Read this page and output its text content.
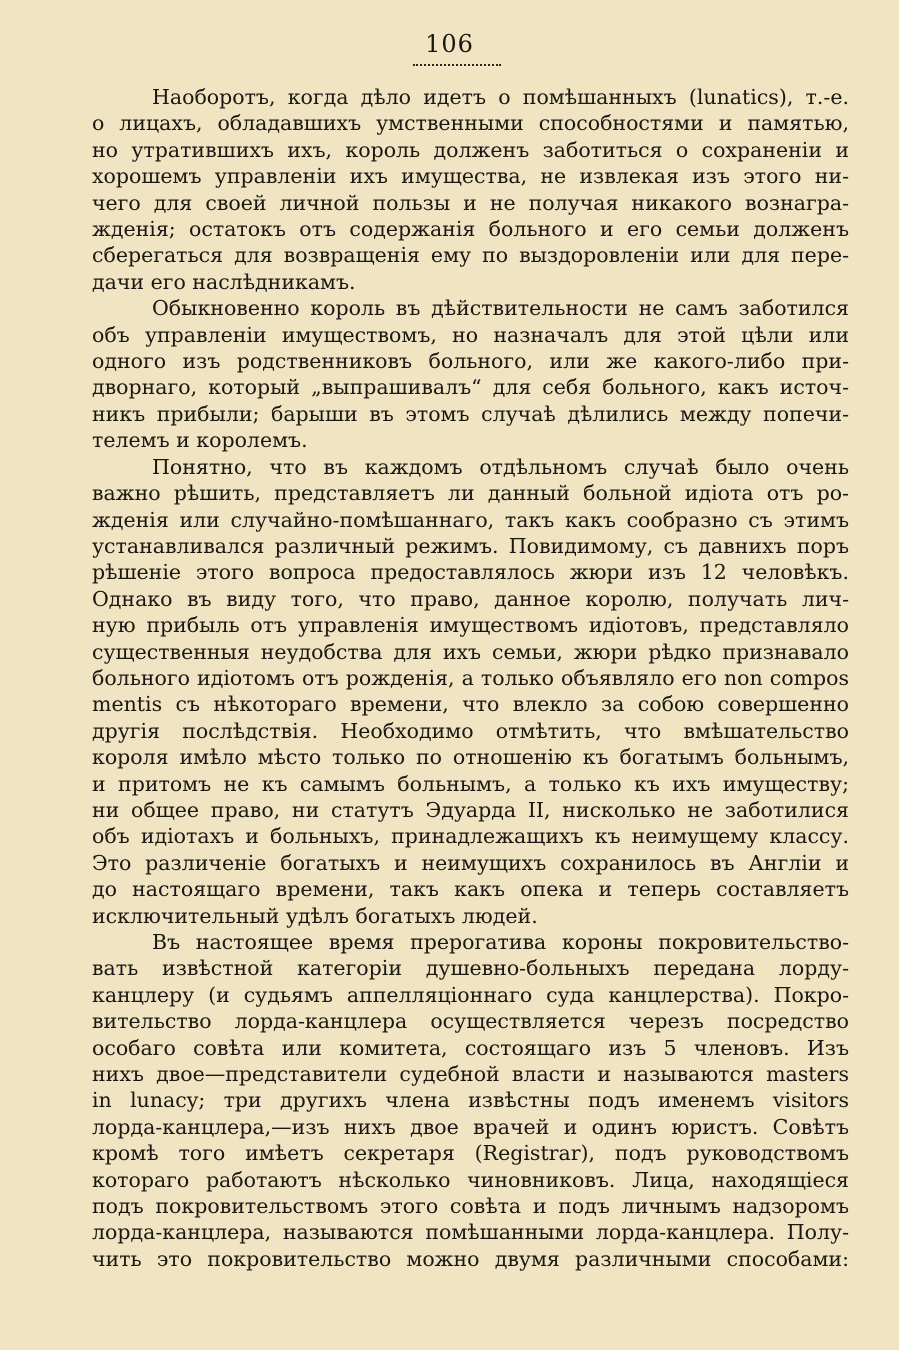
106

Наоборотъ, когда дѣло идетъ о помѣшанныхъ (lunatics), т.-е.
о лицахъ, обладавшихъ умственными способностями и памятью,
но утратившихъ ихъ, король долженъ заботиться о сохраненіи и
хорошемъ управленіи ихъ имущества, не извлекая изъ этого ни-
чего для своей личной пользы и не получая никакого вознагра-
жденія; остатокъ отъ содержанія больного и его семьи долженъ
сберегаться для возвращенія ему по выздоровленіи или для пере-
дачи его наслѣдникамъ.

Обыкновенно король въ дѣйствительности не самъ заботился
объ управленіи имуществомъ, но назначалъ для этой цѣли или
одного изъ родственниковъ больного, или же какого-либо при-
дворнаго, который „выпрашивалъ“ для себя больного, какъ источ-
никъ прибыли; барыши въ этомъ случаѣ дѣлились между попечи-
телемъ и королемъ.

Понятно, что въ каждомъ отдѣльномъ случаѣ было очень
важно рѣшить, представляетъ ли данный больной идіота отъ ро-
жденія или случайно-помѣшаннаго, такъ какъ сообразно съ этимъ
устанавливался различный режимъ. Повидимому, съ давнихъ поръ
рѣшеніе этого вопроса предоставлялось жюри изъ 12 человѣкъ.
Однако въ виду того, что право, данное королю, получать лич-
ную прибыль отъ управленія имуществомъ идіотовъ, представляло
существенныя неудобства для ихъ семьи, жюри рѣдко признавало
больного идіотомъ отъ рожденія, а только объявляло его non compos
mentis съ нѣкотораго времени, что влекло за собою совершенно
другія послѣдствія. Необходимо отмѣтить, что вмѣшательство
короля имѣло мѣсто только по отношенію къ богатымъ больнымъ,
и притомъ не къ самымъ больнымъ, а только къ ихъ имуществу;
ни общее право, ни статутъ Эдуарда II, нисколько не заботилися
объ идіотахъ и больныхъ, принадлежащихъ къ неимущему классу.
Это различеніе богатыхъ и неимущихъ сохранилось въ Англіи и
до настоящаго времени, такъ какъ опека и теперь составляетъ
исключительный удѣлъ богатыхъ людей.

Въ настоящее время прерогатива короны покровительство-
вать извѣстной категоріи душевно-больныхъ передана лорду-
канцлеру (и судьямъ аппелляціоннаго суда канцлерства). Покро-
вительство лорда-канцлера осуществляется черезъ посредство
особаго совѣта или комитета, состоящаго изъ 5 членовъ. Изъ
нихъ двое—представители судебной власти и называются masters
in lunacy; три другихъ члена извѣстны подъ именемъ visitors
лорда-канцлера,—изъ нихъ двое врачей и одинъ юристъ. Совѣтъ
кромѣ того имѣетъ секретаря (Registrar), подъ руководствомъ
котораго работаютъ нѣсколько чиновниковъ. Лица, находящіеся
подъ покровительствомъ этого совѣта и подъ личнымъ надзоромъ
лорда-канцлера, называются помѣшанными лорда-канцлера. Полу-
чить это покровительство можно двумя различными способами:
